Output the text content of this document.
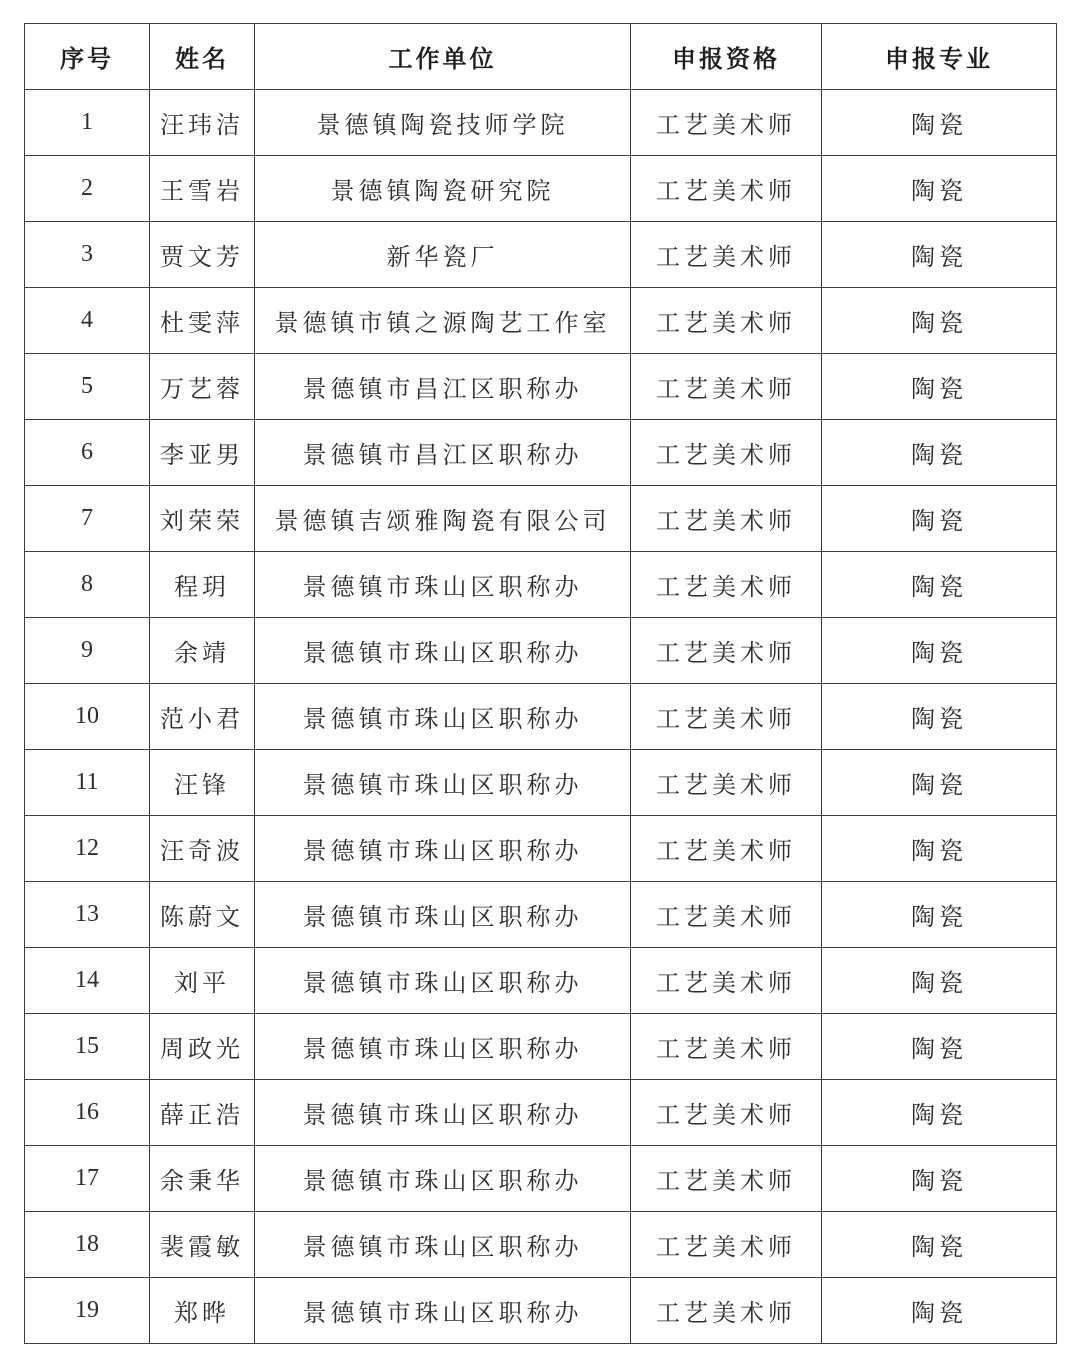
序号	姓名	工作单位	申报资格	申报专业
1	汪玮洁	景德镇陶瓷技师学院	工艺美术师	陶瓷
2	王雪岩	景德镇陶瓷研究院	工艺美术师	陶瓷
3	贾文芳	新华瓷厂	工艺美术师	陶瓷
4	杜雯萍	景德镇市镇之源陶艺工作室	工艺美术师	陶瓷
5	万艺蓉	景德镇市昌江区职称办	工艺美术师	陶瓷
6	李亚男	景德镇市昌江区职称办	工艺美术师	陶瓷
7	刘荣荣	景德镇吉颂雅陶瓷有限公司	工艺美术师	陶瓷
8	程玥	景德镇市珠山区职称办	工艺美术师	陶瓷
9	余靖	景德镇市珠山区职称办	工艺美术师	陶瓷
10	范小君	景德镇市珠山区职称办	工艺美术师	陶瓷
11	汪锋	景德镇市珠山区职称办	工艺美术师	陶瓷
12	汪奇波	景德镇市珠山区职称办	工艺美术师	陶瓷
13	陈蔚文	景德镇市珠山区职称办	工艺美术师	陶瓷
14	刘平	景德镇市珠山区职称办	工艺美术师	陶瓷
15	周政光	景德镇市珠山区职称办	工艺美术师	陶瓷
16	薛正浩	景德镇市珠山区职称办	工艺美术师	陶瓷
17	余秉华	景德镇市珠山区职称办	工艺美术师	陶瓷
18	裴霞敏	景德镇市珠山区职称办	工艺美术师	陶瓷
19	郑晔	景德镇市珠山区职称办	工艺美术师	陶瓷
